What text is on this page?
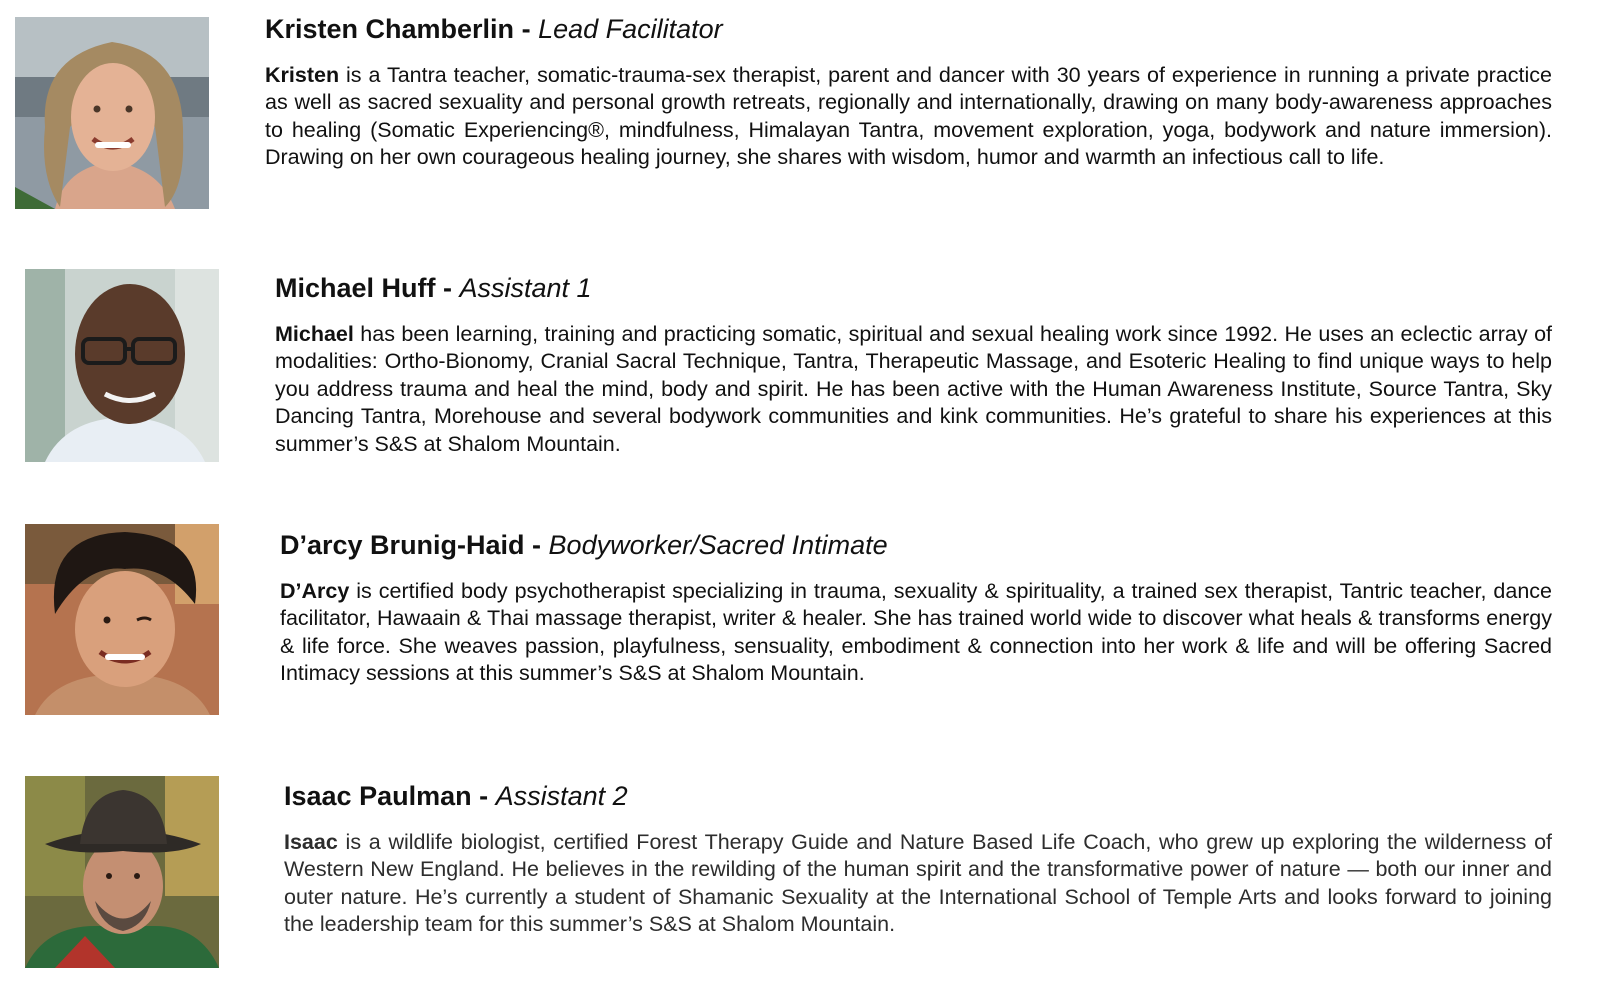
Kristen Chamberlin - Lead Facilitator

Kristen is a Tantra teacher, somatic-trauma-sex therapist, parent and dancer with 30 years of experience in running a private practice as well as sacred sexuality and personal growth retreats, regionally and internationally, drawing on many body-awareness approaches to healing (Somatic Experiencing®, mindfulness, Himalayan Tantra, movement exploration, yoga, bodywork and nature immersion). Drawing on her own courageous healing journey, she shares with wisdom, humor and warmth an infectious call to life.

Michael Huff - Assistant 1

Michael has been learning, training and practicing somatic, spiritual and sexual healing work since 1992. He uses an eclectic array of modalities: Ortho-Bionomy, Cranial Sacral Technique, Tantra, Therapeutic Massage, and Esoteric Healing to find unique ways to help you address trauma and heal the mind, body and spirit. He has been active with the Human Awareness Institute, Source Tantra, Sky Dancing Tantra, Morehouse and several bodywork communities and kink communities. He’s grateful to share his experiences at this summer’s S&S at Shalom Mountain.

D’arcy Brunig-Haid - Bodyworker/Sacred Intimate

D’Arcy is certified body psychotherapist specializing in trauma, sexuality & spirituality, a trained sex therapist, Tantric teacher, dance facilitator, Hawaain & Thai massage therapist, writer & healer. She has trained world wide to discover what heals & transforms energy & life force. She weaves passion, playfulness, sensuality, embodiment & connection into her work & life and will be offering Sacred Intimacy sessions at this summer’s S&S at Shalom Mountain.

Isaac Paulman - Assistant 2

Isaac is a wildlife biologist, certified Forest Therapy Guide and Nature Based Life Coach, who grew up exploring the wilderness of Western New England. He believes in the rewilding of the human spirit and the transformative power of nature — both our inner and outer nature. He’s currently a student of Shamanic Sexuality at the International School of Temple Arts and looks forward to joining the leadership team for this summer’s S&S at Shalom Mountain.
